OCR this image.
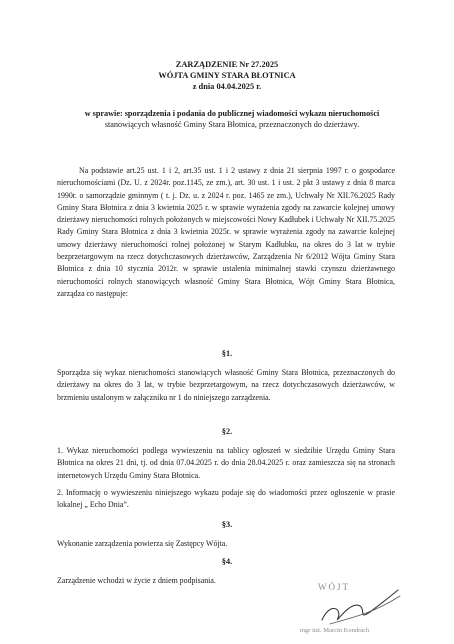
ZARZĄDZENIE Nr 27.2025
WÓJTA GMINY STARA BŁOTNICA
z dnia 04.04.2025 r.
w sprawie: sporządzenia i podania do publicznej wiadomości wykazu nieruchomości
stanowiących własność Gminy Stara Błotnica, przeznaczonych do dzierżawy.

Na podstawie art.25 ust. 1 i 2, art.35 ust. 1 i 2 ustawy z dnia 21 sierpnia 1997 r. o gospodarce nieruchomościami (Dz. U. z 2024r. poz.1145, ze zm.), art. 30 ust. 1 i ust. 2 pkt 3 ustawy z dnia 8 marca 1990r. o samorządzie gminnym ( t. j. Dz. u. z 2024 r. poz. 1465 ze zm.), Uchwały Nr XII.76.2025 Rady Gminy Stara Błotnica z dnia 3 kwietnia 2025 r. w sprawie wyrażenia zgody na zawarcie kolejnej umowy dzierżawy nieruchomości rolnych położonych w miejscowości Nowy Kadłubek i Uchwały Nr XII.75.2025 Rady Gminy Stara Błotnica z dnia 3 kwietnia 2025r. w sprawie wyrażenia zgody na zawarcie kolejnej umowy dzierżawy nieruchomości rolnej położonej w Starym Kadłubku, na okres do 3 lat w trybie bezprzetargowym na rzecz dotychczasowych dzierżawców, Zarządzenia Nr 6/2012 Wójta Gminy Stara Błotnica z dnia 10 stycznia 2012r. w sprawie ustalenia minimalnej stawki czynszu dzierżawnego nieruchomości rolnych stanowiących własność Gminy Stara Błotnica, Wójt Gminy Stara Błotnica, zarządza co następuje:

§1.

Sporządza się wykaz nieruchomości stanowiących własność Gminy Stara Błotnica, przeznaczonych do dzierżawy na okres do 3 lat, w trybie bezprzetargowym, na rzecz dotychczasowych dzierżawców, w brzmieniu ustalonym w załączniku nr 1 do niniejszego zarządzenia.

§2.

1. Wykaz nieruchomości podlega wywieszeniu na tablicy ogłoszeń w siedzibie Urzędu Gminy Stara Błotnica na okres 21 dni, tj. od dnia 07.04.2025 r. do dnia 28.04.2025 r. oraz zamieszcza się na stronach internetowych Urzędu Gminy Stara Błotnica.

2. Informację o wywieszeniu niniejszego wykazu podaje się do wiadomości przez ogłoszenie w prasie lokalnej „ Echo Dnia”.

§3.

Wykonanie zarządzenia powierza się Zastępcy Wójta.

§4.

Zarządzenie wchodzi w życie z dniem podpisania.

WÓJT
mgr inż. Marcin Kondrach
